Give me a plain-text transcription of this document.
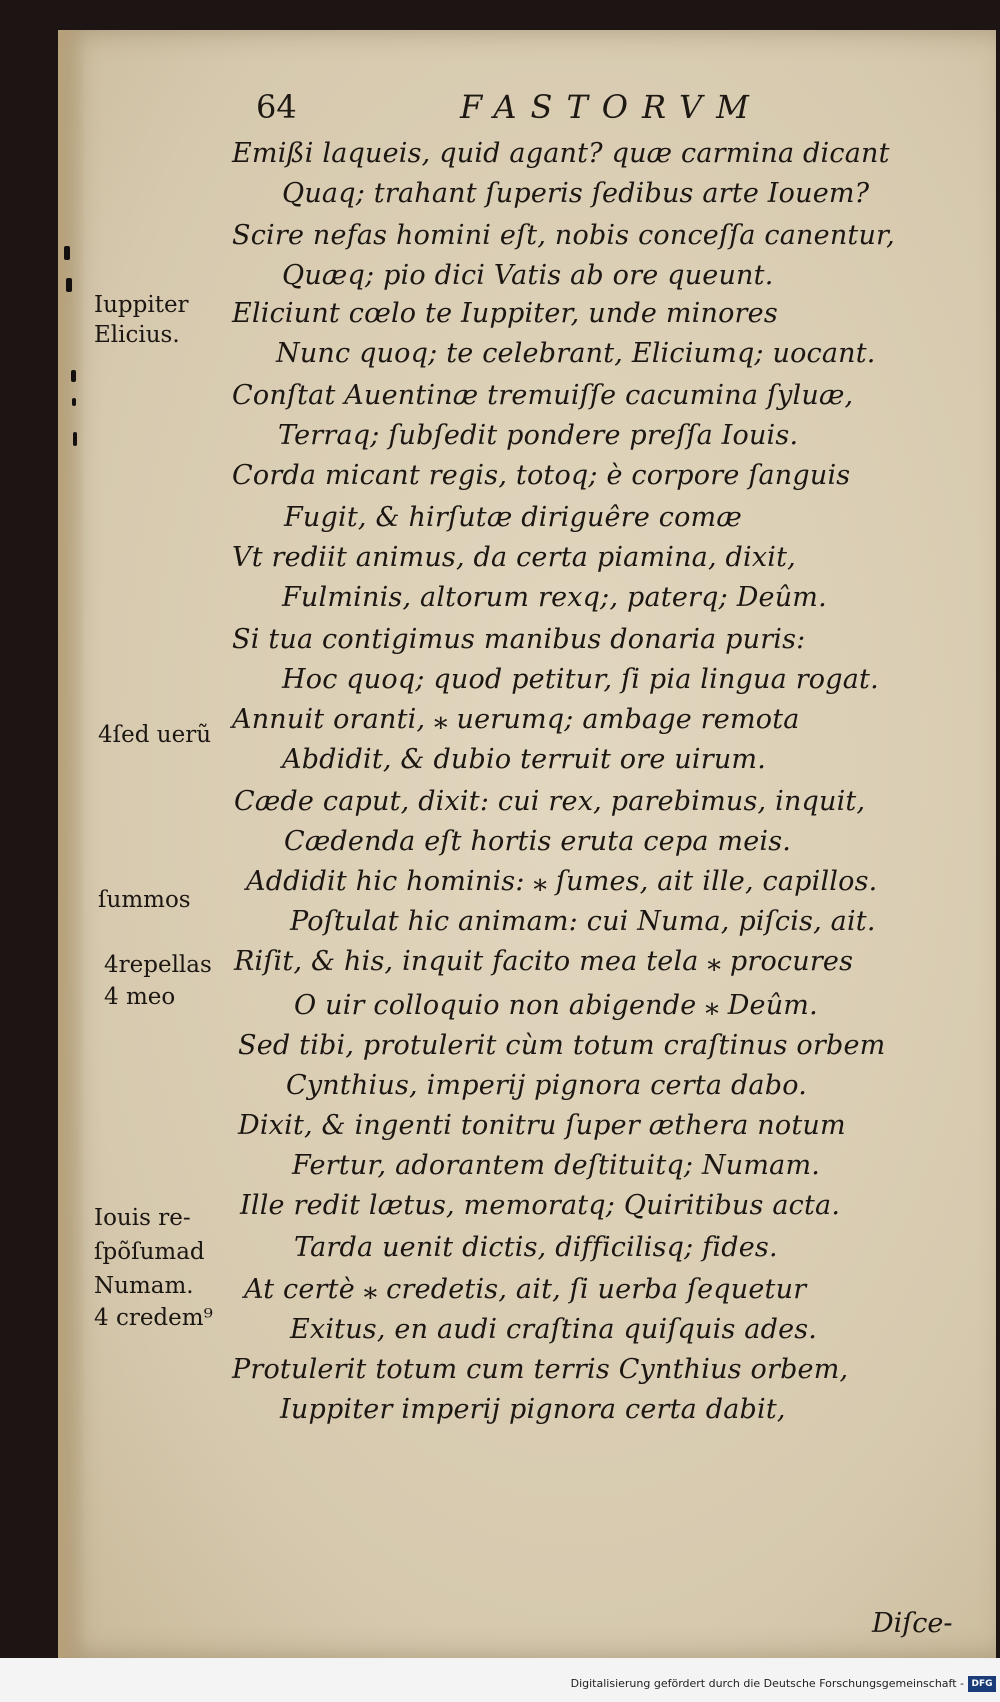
64	FASTORVM
Emißi laqueis, quid agant? quæ carmina dicant
Quaq; trahant ſuperis ſedibus arte Iouem?
Scire nefas homini eſt, nobis conceſſa canentur,
Quæq; pio dici Vatis ab ore queunt.
Eliciunt cœlo te Iuppiter, unde minores
Nunc quoq; te celebrant, Eliciumq; uocant.
Conſtat Auentinæ tremuiſſe cacumina ſyluæ,
Terraq; ſubſedit pondere preſſa Iouis.
Corda micant regis, totoq; è corpore ſanguis
Fugit, & hirſutæ diriguêre comæ
Vt rediit animus, da certa piamina, dixit,
Fulminis, altorum rexq;, paterq; Deûm.
Si tua contigimus manibus donaria puris:
Hoc quoq; quod petitur, ſi pia lingua rogat.
Annuit oranti, ⁎ uerumq; ambage remota
Abdidit, & dubio terruit ore uirum.
Cæde caput, dixit: cui rex, parebimus, inquit,
Cædenda eſt hortis eruta cepa meis.
Addidit hic hominis: ⁎ ſumes, ait ille, capillos.
Poſtulat hic animam: cui Numa, piſcis, ait.
Riſit, & his, inquit facito mea tela ⁎ procures
O uir colloquio non abigende ⁎ Deûm.
Sed tibi, protulerit cùm totum craſtinus orbem
Cynthius, imperij pignora certa dabo.
Dixit, & ingenti tonitru ſuper æthera notum
Fertur, adorantem deſtituitq; Numam.
Ille redit lætus, memoratq; Quiritibus acta.
Tarda uenit dictis, difficilisq; fides.
At certè ⁎ credetis, ait, ſi uerba ſequetur
Exitus, en audi craſtina quiſquis ades.
Protulerit totum cum terris Cynthius orbem,
Iuppiter imperij pignora certa dabit,
Iuppiter
Elicius.
4ſed uerũ
ſummos
4repellas
4 meo
Iouis re-
ſpõſumad
Numam.
4 credem⁹
Diſce-
Digitalisierung gefördert durch die Deutsche Forschungsgemeinschaft - DFG
